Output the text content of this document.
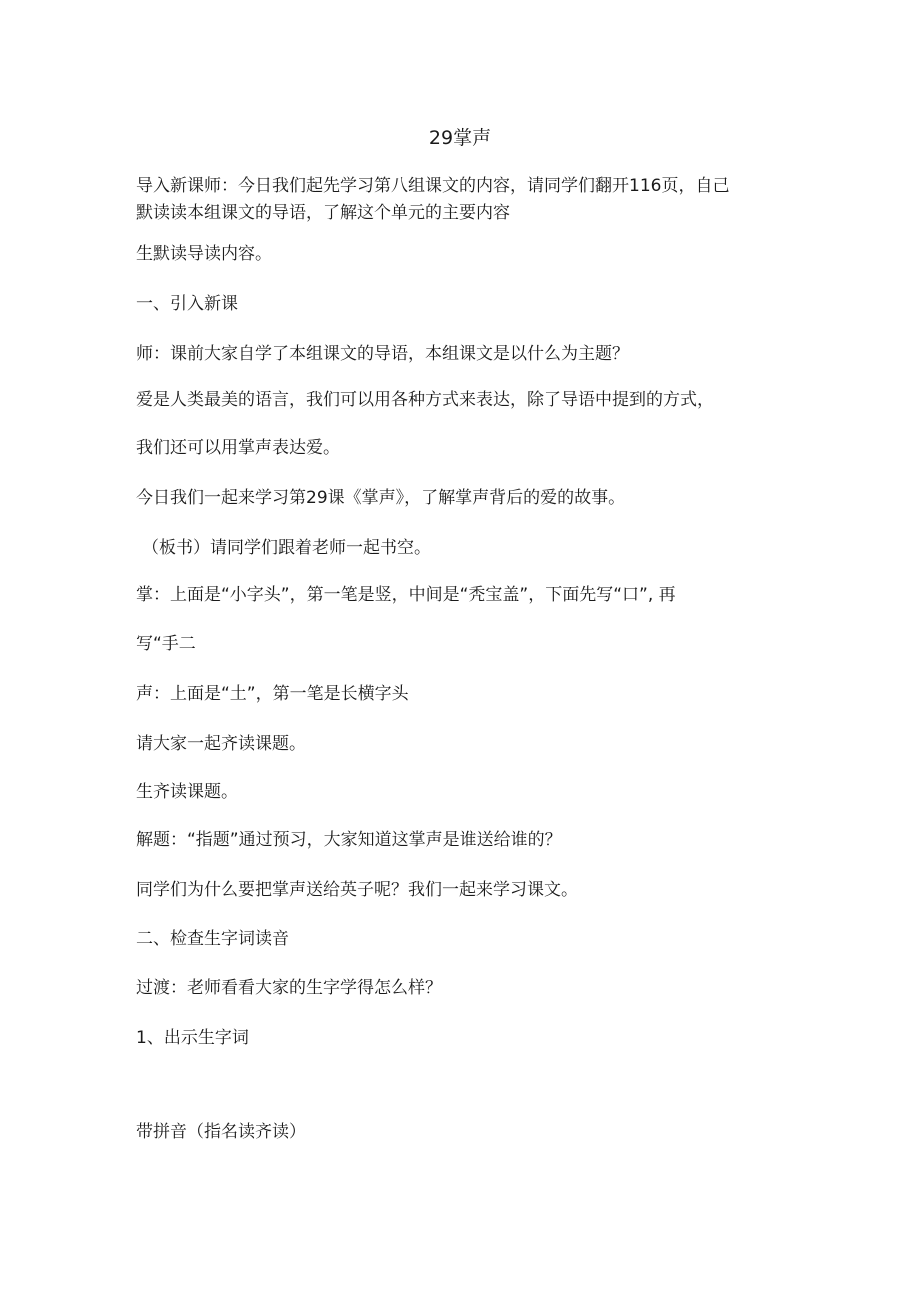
29掌声
导入新课师：今日我们起先学习第八组课文的内容，请同学们翻开116页，自己
默读读本组课文的导语，了解这个单元的主要内容
生默读导读内容。
一、引入新课
师：课前大家自学了本组课文的导语，本组课文是以什么为主题？
爱是人类最美的语言，我们可以用各种方式来表达，除了导语中提到的方式，
我们还可以用掌声表达爱。
今日我们一起来学习第29课《掌声》，了解掌声背后的爱的故事。
（板书）请同学们跟着老师一起书空。
掌：上面是“小字头”，第一笔是竖，中间是“秃宝盖”，下面先写“口”, 再
写“手二
声：上面是“土”，第一笔是长横字头
请大家一起齐读课题。
生齐读课题。
解题：“指题”通过预习，大家知道这掌声是谁送给谁的？
同学们为什么要把掌声送给英子呢？我们一起来学习课文。
二、检查生字词读音
过渡：老师看看大家的生字学得怎么样？
1、出示生字词
带拼音（指名读齐读）
